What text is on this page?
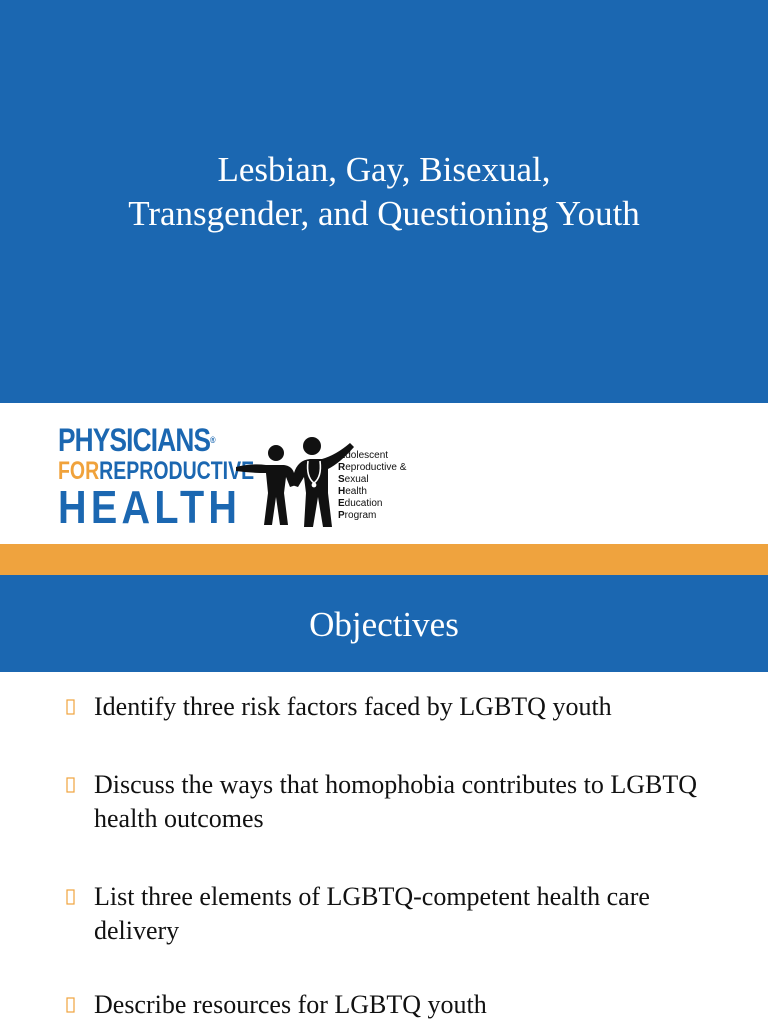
Lesbian, Gay, Bisexual,
Transgender, and Questioning Youth
PHYSICIANS®
FORREPRODUCTIVE
HEALTH
Adolescent
Reproductive &
Sexual
Health
Education
Program
Objectives
Identify three risk factors faced by LGBTQ youth
Discuss the ways that homophobia contributes to LGBTQ health outcomes
List three elements of LGBTQ-competent health care delivery
Describe resources for LGBTQ youth
